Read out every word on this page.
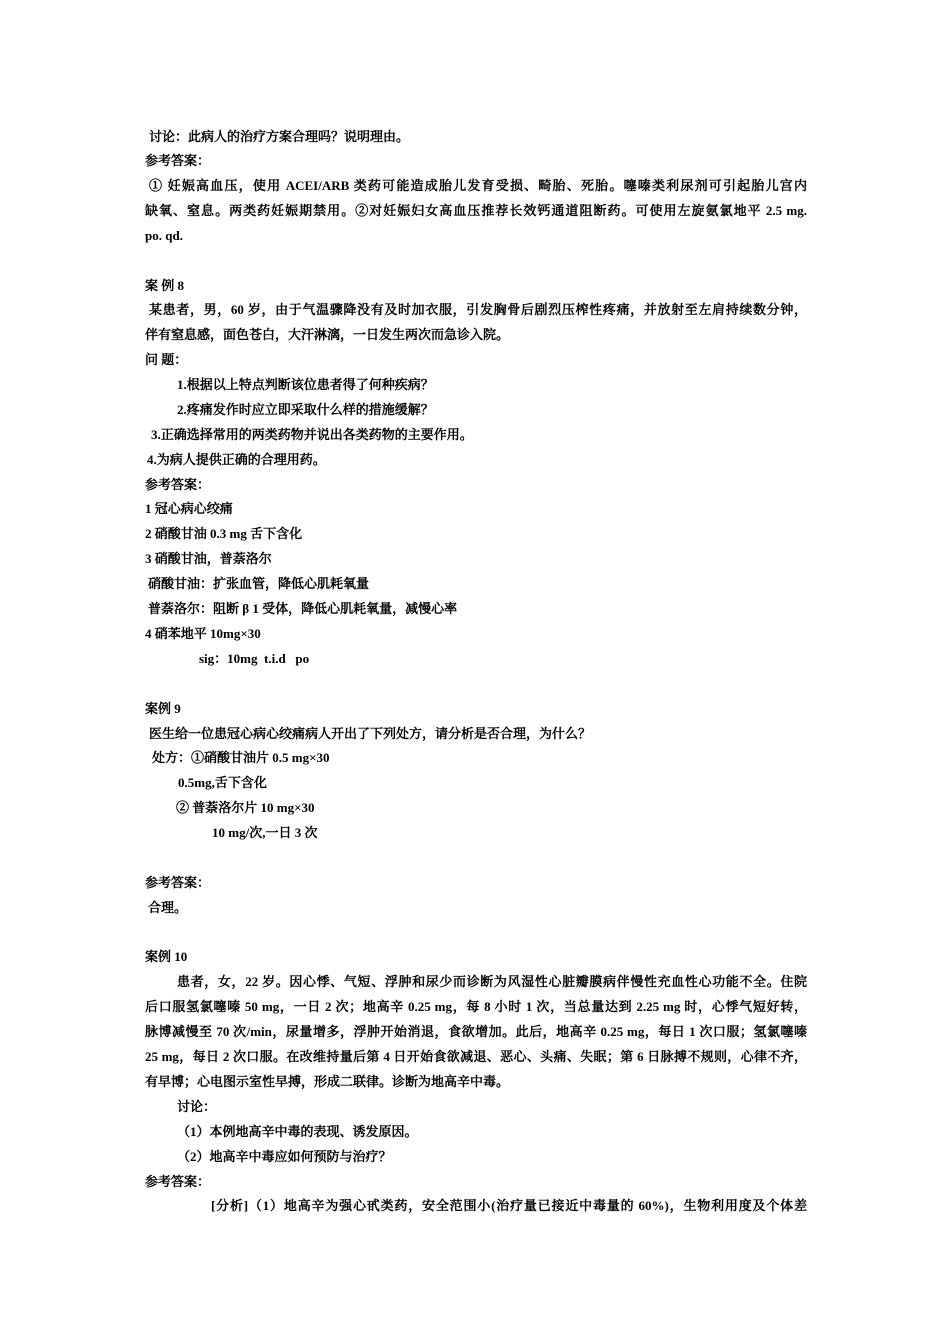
讨论：此病人的治疗方案合理吗？说明理由。
参考答案：
① 妊娠高血压，使用 ACEI/ARB 类药可能造成胎儿发育受损、畸胎、死胎。噻嗪类利尿剂可引起胎儿宫内
缺氧、窒息。两类药妊娠期禁用。②对妊娠妇女高血压推荐长效钙通道阻断药。可使用左旋氨氯地平 2.5 mg.
po. qd.
案 例 8
某患者，男，60 岁，由于气温骤降没有及时加衣服，引发胸骨后剧烈压榨性疼痛，并放射至左肩持续数分钟，
伴有窒息感，面色苍白，大汗淋漓，一日发生两次而急诊入院。
问 题：
1.根据以上特点判断该位患者得了何种疾病？
2.疼痛发作时应立即采取什么样的措施缓解？
3.正确选择常用的两类药物并说出各类药物的主要作用。
4.为病人提供正确的合理用药。
参考答案：
1 冠心病心绞痛
2 硝酸甘油 0.3 mg 舌下含化
3 硝酸甘油，普萘洛尔
硝酸甘油：扩张血管，降低心肌耗氧量
普萘洛尔：阻断 β 1 受体，降低心肌耗氧量，减慢心率
4 硝苯地平 10mg×30
sig：10mg  t.i.d   po
案例 9
医生给一位患冠心病心绞痛病人开出了下列处方，请分析是否合理，为什么？
处方：①硝酸甘油片 0.5 mg×30
0.5mg,舌下含化
② 普萘洛尔片 10 mg×30
10 mg/次,一日 3 次
参考答案：
合理。
案例 10
患者，女，22 岁。因心悸、气短、浮肿和尿少而诊断为风湿性心脏瓣膜病伴慢性充血性心功能不全。住院
后口服氢氯噻嗪 50 mg，一日 2 次；地高辛 0.25 mg，每 8 小时 1 次，当总量达到 2.25 mg 时，心悸气短好转，
脉博减慢至 70 次/min，尿量增多，浮肿开始消退，食欲增加。此后，地高辛 0.25 mg，每日 1 次口服；氢氯噻嗪
25 mg，每日 2 次口服。在改维持量后第 4 日开始食欲减退、恶心、头痛、失眠；第 6 日脉搏不规则，心律不齐，
有早博；心电图示室性早搏，形成二联律。诊断为地高辛中毒。
讨论：
（1）本例地高辛中毒的表现、诱发原因。
（2）地高辛中毒应如何预防与治疗？
参考答案：
[分析]（1）地高辛为强心甙类药，安全范围小(治疗量已接近中毒量的 60%)，生物利用度及个体差
